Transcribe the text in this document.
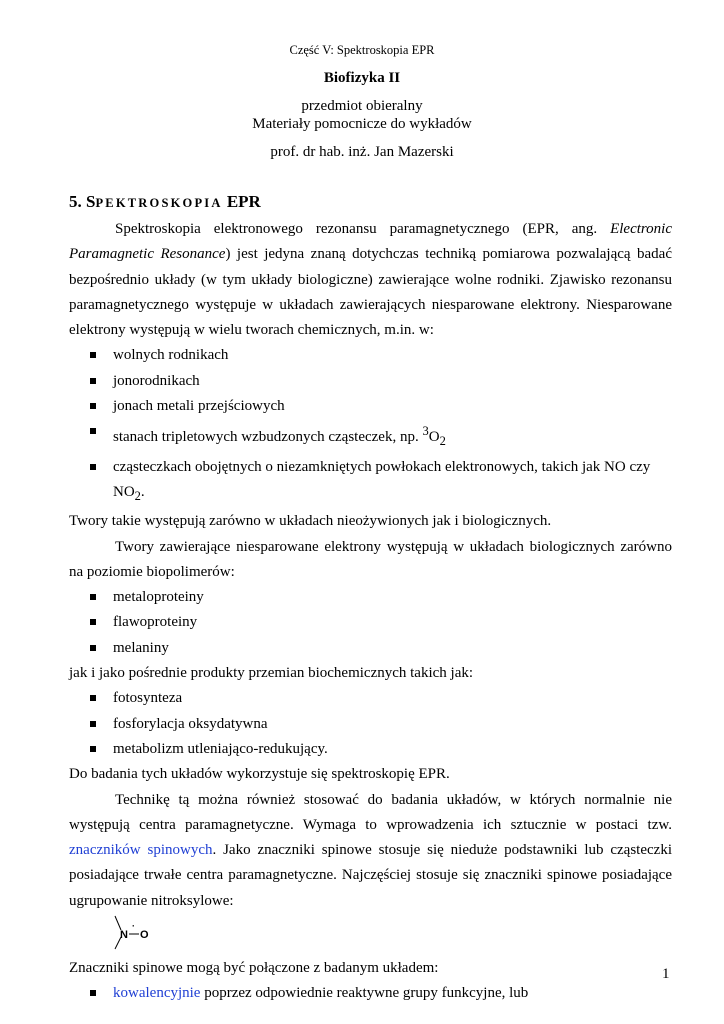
Część V: Spektroskopia EPR
Biofizyka II
przedmiot obieralny
Materiały pomocnicze do wykładów
prof. dr hab. inż. Jan Mazerski
5. SPEKTROSKOPIA EPR

Spektroskopia elektronowego rezonansu paramagnetycznego (EPR, ang. Electronic Paramagnetic Resonance) jest jedyna znaną dotychczas techniką pomiarowa pozwalającą badać bezpośrednio układy (w tym układy biologiczne) zawierające wolne rodniki. Zjawisko rezonansu paramagnetycznego występuje w układach zawierających niesparowane elektrony. Niesparowane elektrony występują w wielu tworach chemicznych, m.in. w:

wolnych rodnikach
jonorodnikach
jonach metali przejściowych
stanach tripletowych wzbudzonych cząsteczek, np. $^3O_2$
cząsteczkach obojętnych o niezamkniętych powłokach elektronowych, takich jak NO czy $NO_2$.

Twory takie występują zarówno w układach nieożywionych jak i biologicznych.

Twory zawierające niesparowane elektrony występują w układach biologicznych zarówno na poziomie biopolimerów:

metaloproteiny
flawoproteiny
melaniny

jak i jako pośrednie produkty przemian biochemicznych takich jak:

fotosynteza
fosforylacja oksydatywna
metabolizm utleniająco-redukujący.

Do badania tych układów wykorzystuje się spektroskopię EPR.

Technikę tą można również stosować do badania układów, w których normalnie nie występują centra paramagnetyczne. Wymaga to wprowadzenia ich sztucznie w postaci tzw. znaczników spinowych. Jako znaczniki spinowe stosuje się nieduże podstawniki lub cząsteczki posiadające trwałe centra paramagnetyczne. Najczęściej stosuje się znaczniki spinowe posiadające ugrupowanie nitroksylowe:

N
·
O

Znaczniki spinowe mogą być połączone z badanym układem:

kowalencyjnie poprzez odpowiednie reaktywne grupy funkcyjne, lub
1
